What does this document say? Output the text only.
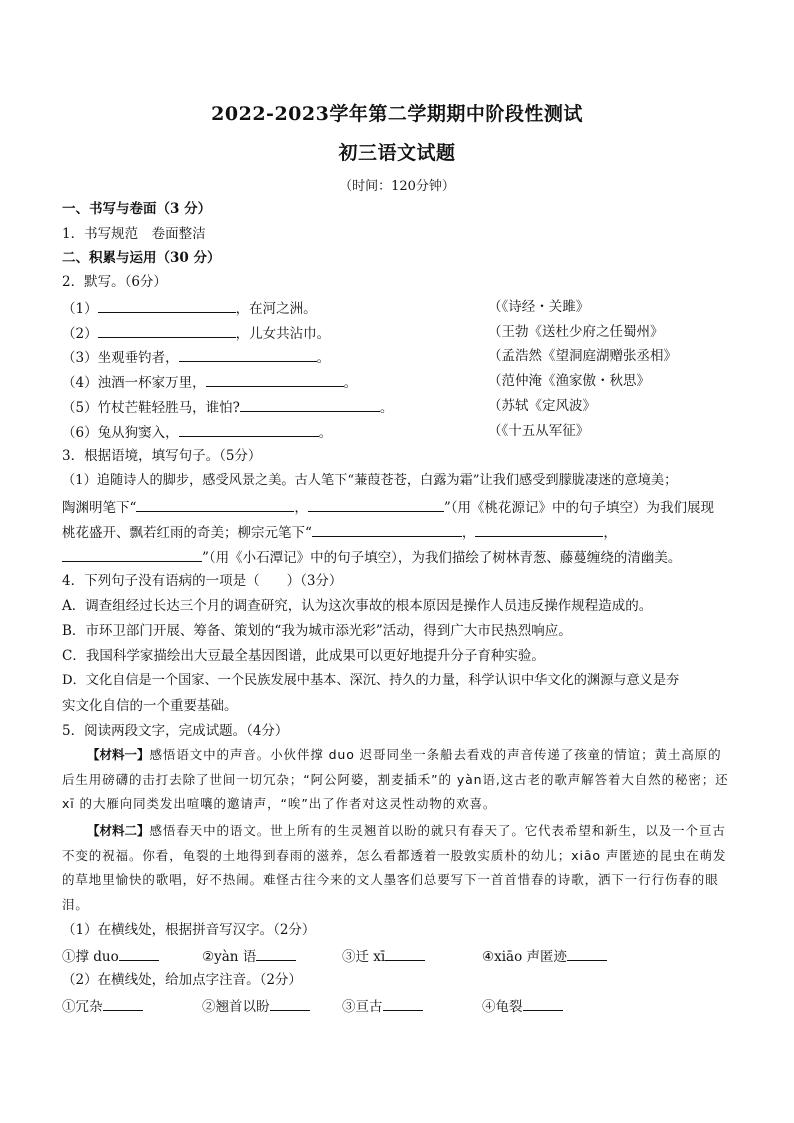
2022-2023学年第二学期期中阶段性测试
初三语文试题
（时间：120分钟）
一、书写与卷面（3 分）
1．书写规范　卷面整洁
二、积累与运用（30 分）
2．默写。（6分）
（1）	，在河之洲。	（《诗经・关雎》
（2）	，儿女共沾巾。	（王勃《送杜少府之任蜀州》
（3）坐观垂钓者，	。	（孟浩然《望洞庭湖赠张丞相》
（4）浊酒一杯家万里，	。	（范仲淹《渔家傲・秋思》
（5）竹杖芒鞋轻胜马，谁怕?	。	（苏轼《定风波》
（6）兔从狗窦入，	。	（《十五从军征》
3．根据语境，填写句子。（5分）
（1）追随诗人的脚步，感受风景之美。古人笔下“蒹葭苍苍，白露为霜”让我们感受到朦胧凄迷的意境美；
陶渊明笔下“	，	”（用《桃花源记》中的句子填空）为我们展现
桃花盛开、飘若红雨的奇美；柳宗元笔下“	，	，
”（用《小石潭记》中的句子填空），为我们描绘了树林青葱、藤蔓缠绕的清幽美。
4．下列句子没有语病的一项是（　　）（3分）
A．调查组经过长达三个月的调查研究，认为这次事故的根本原因是操作人员违反操作规程造成的。
B．市环卫部门开展、筹备、策划的“我为城市添光彩”活动，得到广大市民热烈响应。
C．我国科学家描绘出大豆最全基因图谱，此成果可以更好地提升分子育种实验。
D．文化自信是一个国家、一个民族发展中基本、深沉、持久的力量，科学认识中华文化的渊源与意义是夯
实文化自信的一个重要基础。
5．阅读两段文字，完成试题。（4分）
【材料一】感悟语文中的声音。小伙伴撑 duo 迟哥同坐一条船去看戏的声音传递了孩童的情谊；黄土高原的后生用磅礴的击打去除了世间一切冗杂；“阿公阿婆，割麦插禾”的 yàn语,这古老的歌声解答着大自然的秘密；还 xī 的大雁向同类发出喧嚷的邀请声，“唉”出了作者对这灵性动物的欢喜。
【材料二】感悟春天中的语文。世上所有的生灵翘首以盼的就只有春天了。它代表希望和新生，以及一个亘古不变的祝福。你看，龟裂的土地得到春雨的滋养，怎么看都透着一股敦实质朴的幼儿；xiāo 声匿迹的昆虫在萌发的草地里愉快的歌唱，好不热闹。难怪古往今来的文人墨客们总要写下一首首惜春的诗歌，洒下一行行伤春的眼泪。
（1）在横线处，根据拼音写汉字。（2分）
①撑 duo	②yàn 语	③迁 xī	④xiāo 声匿迹
（2）在横线处，给加点字注音。（2分）
①冗杂	②翘首以盼	③亘古	④龟裂
